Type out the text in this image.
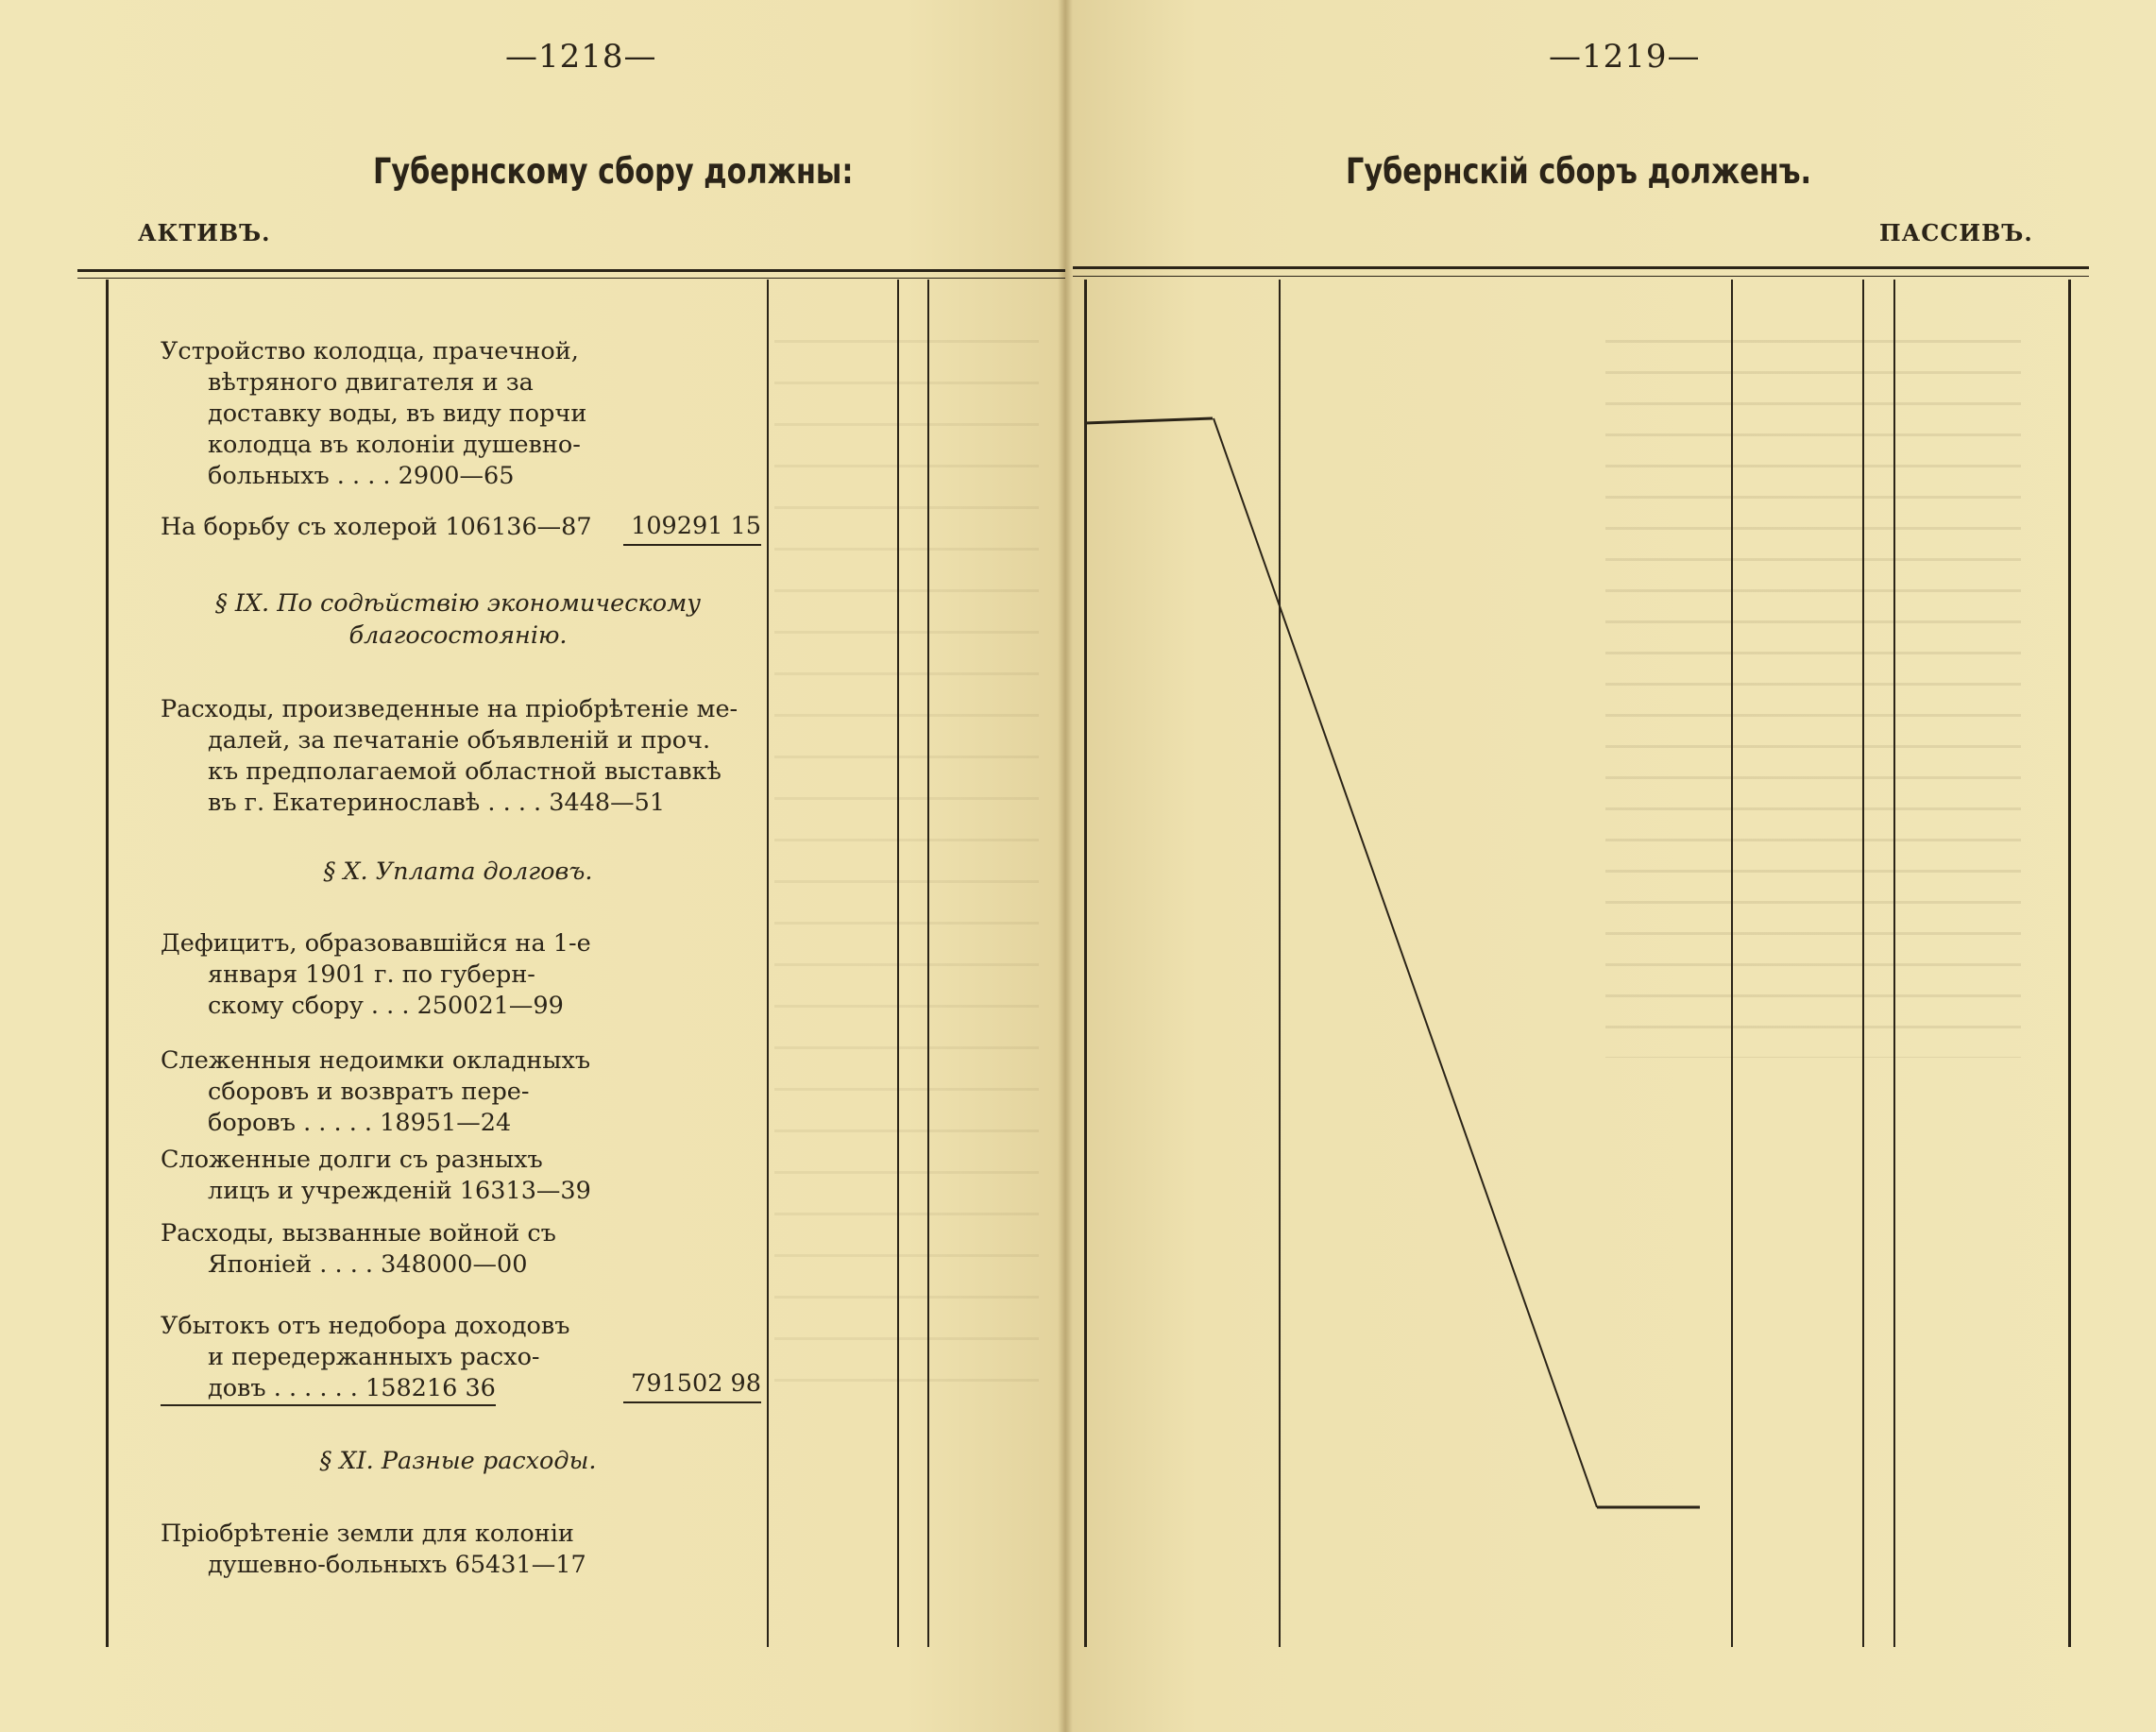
—1218—
Губернскому сбору должны:
АКТИВЪ.
—1219—
Губернскій сборъ долженъ.
ПАССИВЪ.
Устройство колодца, прачечной,
вѣтряного двигателя и за
доставку воды, въ виду порчи
колодца въ колоніи душевно-
больныхъ . . . . 2900—65
На борьбу съ холерой 106136—87	109291 15
§ IX. По содѣйствію экономическому
благосостоянію.
Расходы, произведенные на пріобрѣтеніе ме-
далей, за печатаніе объявленій и проч.
къ предполагаемой областной выставкѣ
въ г. Екатеринославѣ . . . . 3448—51
§ X. Уплата долговъ.
Дефицитъ, образовавшійся на 1-е
января 1901 г. по губерн-
скому сбору . . . 250021—99
Слеженныя недоимки окладныхъ
сборовъ и возвратъ пере-
боровъ . . . . . 18951—24
Сложенные долги съ разныхъ
лицъ и учрежденій 16313—39
Расходы, вызванные войной съ
Японіей . . . . 348000—00
Убытокъ отъ недобора доходовъ
и передержанныхъ расхо-
довъ . . . . . . 158216 36	791502 98
§ XI. Разные расходы.
Пріобрѣтеніе земли для колоніи
душевно-больныхъ 65431—17
